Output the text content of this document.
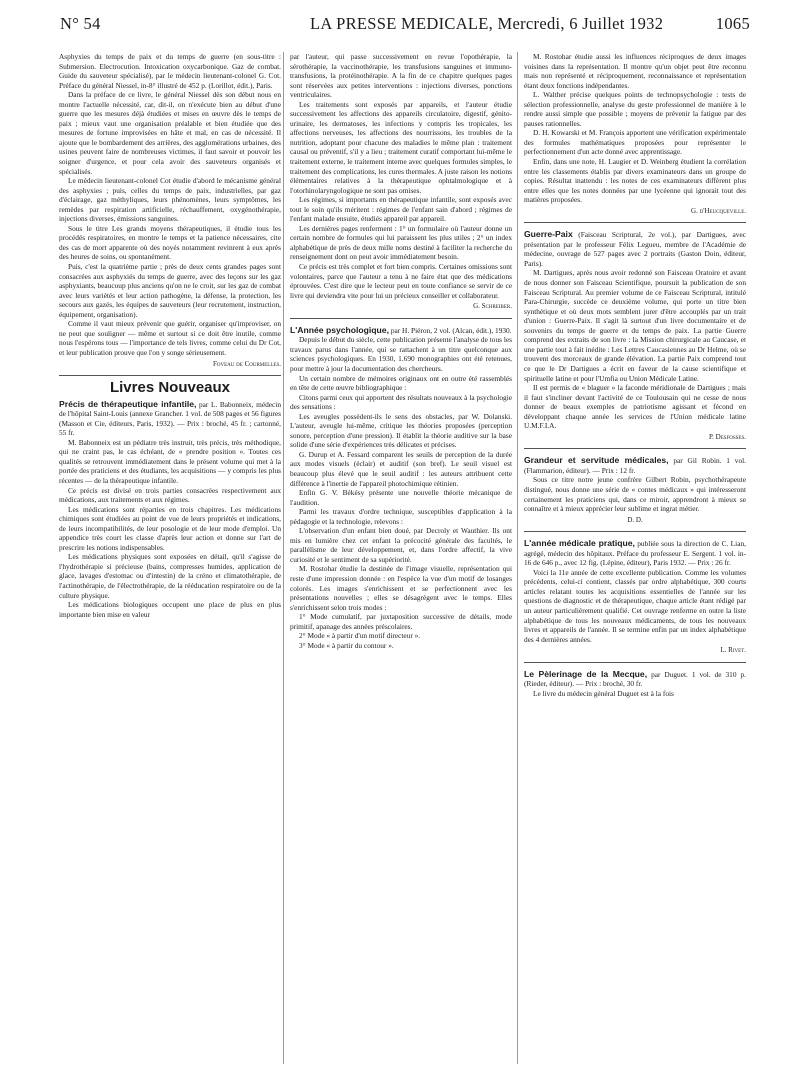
N° 54	LA PRESSE MEDICALE, Mercredi, 6 Juillet 1932	1065

Asphyxies du temps de paix et du temps de guerre (en sous-titre : Submersion. Electrocution. Intoxication oxycarbonique. Gaz de combat. Guide du sauveteur spécialisé), par le médecin lieutenant-colonel G. Cot. Préface du général Niessel, in-8° illustré de 452 p. (Lorillot, édit.), Paris.

Dans la préface de ce livre, le général Niessel dès son début nous en montre l'actuelle nécessité, car, dit-il, on n'exécute bien au début d'une guerre que les mesures déjà étudiées et mises en œuvre dès le temps de paix ; mieux vaut une organisation préalable et bien étudiée que des mesures de fortune improvisées en hâte et mal, en cas de nécessité. Il ajoute que le bombardement des arrières, des agglomérations urbaines, des usines peuvent faire de nombreuses victimes, il faut savoir et pouvoir les soigner d'urgence, et pour cela avoir des sauveteurs organisés et spécialisés.

Le médecin lieutenant-colonel Cot étudie d'abord le mécanisme général des asphyxies ; puis, celles du temps de paix, industrielles, par gaz d'éclairage, gaz méthyliques, leurs phénomènes, leurs symptômes, les remèdes par respiration artificielle, réchauffement, oxygénothérapie, injections diverses, émissions sanguines.

Sous le titre Les grands moyens thérapeutiques, il étudie tous les procédés respiratoires, en montre le temps et la patience nécessaires, cite des cas de mort apparente où des noyés notamment revinrent à eux après des heures de soins, ou spontanément.

Puis, c'est la quatrième partie ; près de deux cents grandes pages sont consacrées aux asphyxiés du temps de guerre, avec des leçons sur les gaz asphyxiants, beaucoup plus anciens qu'on ne le croit, sur les gaz de combat avec leurs variétés et leur action pathogène, la défense, la protection, les secours aux gazés, les équipes de sauveteurs (leur recrutement, instruction, équipement, organisation).

Comme il vaut mieux prévenir que guérir, organiser qu'improviser, on ne peut que souligner — même et surtout si ce doit être inutile, comme nous l'espérons tous — l'importance de tels livres, comme celui du Dr Cot, et leur publication prouve que l'on y songe sérieusement.

Foveau de Courmelles.

Livres Nouveaux

Précis de thérapeutique infantile, par L. Babonneix, médecin de l'hôpital Saint-Louis (annexe Grancher. 1 vol. de 508 pages et 56 figures (Masson et Cie, éditeurs, Paris, 1932). — Prix : broché, 45 fr. ; cartonné, 55 fr.

M. Babonneix est un pédiatre très instruit, très précis, très méthodique, qui ne craint pas, le cas échéant, de « prendre position ». Toutes ces qualités se retrouvent immédiatement dans le présent volume qui met à la portée des praticiens et des étudiants, les acquisitions — y compris les plus récentes — de la thérapeutique infantile.

Ce précis est divisé en trois parties consacrées respectivement aux médications, aux traitements et aux régimes.

Les médications sont réparties en trois chapitres. Les médications chimiques sont étudiées au point de vue de leurs propriétés et indications, de leurs incompatibilités, de leur posologie et de leur mode d'emploi. Un appendice très court les classe d'après leur action et donne sur l'art de prescrire les notions indispensables.

Les médications physiques sont exposées en détail, qu'il s'agisse de l'hydrothérapie si précieuse (bains, compresses humides, application de glace, lavages d'estomac ou d'intestin) de la créno et climatothérapie, de l'actinothérapie, de l'électrothérapie, de la rééducation respiratoire ou de la culture physique.

Les médications biologiques occupent une place de plus en plus importante bien mise en valeur

par l'auteur, qui passe successivement en revue l'opothérapie, la sérothérapie, la vaccinothérapie, les transfusions sanguines et immuno-transfusions, la protéinothérapie. A la fin de ce chapitre quelques pages sont réservées aux petites interventions : injections diverses, ponctions ventriculaires.

Les traitements sont exposés par appareils, et l'auteur étudie successivement les affections des appareils circulatoire, digestif, génito-urinaire, les dermatoses, les infections y compris les tropicales, les affections nerveuses, les affections des nourrissons, les troubles de la nutrition, adoptant pour chacune des maladies le même plan : traitement causal ou préventif, s'il y a lieu ; traitement curatif comportant lui-même le traitement externe, le traitement interne avec quelques formules simples, le traitement des complications, les cures thermales. A juste raison les notions élémentaires relatives à la thérapeutique ophtalmologique et à l'otorhinolaryngologique ne sont pas omises.

Les régimes, si importants en thérapeutique infantile, sont exposés avec tout le soin qu'ils méritent : régimes de l'enfant sain d'abord ; régimes de l'enfant malade ensuite, étudiés appareil par appareil.

Les dernières pages renferment : 1° un formulaire où l'auteur donne un certain nombre de formules qui lui paraissent les plus utiles ; 2° un index alphabétique de près de deux mille noms destiné à faciliter la recherche du renseignement dont on peut avoir immédiatement besoin.

Ce précis est très complet et fort bien compris. Certaines omissions sont volontaires, parce que l'auteur a tenu à ne faire état que des médications éprouvées. C'est dire que le lecteur peut en toute confiance se servir de ce livre qui deviendra vite pour lui un précieux conseiller et collaborateur.

G. Schreiber.

L'Année psychologique, par H. Piéron, 2 vol. (Alcan, édit.), 1930.

Depuis le début du siècle, cette publication présente l'analyse de tous les travaux parus dans l'année, qui se rattachent à un titre quelconque aux sciences psychologiques. En 1930, 1.690 monographies ont été retenues, pour mettre à jour la documentation des chercheurs.

Un certain nombre de mémoires originaux ont en outre été rassemblés en tête de cette œuvre bibliographique :

Citons parmi ceux qui apportent des résultats nouveaux à la psychologie des sensations :

Les aveugles possèdent-ils le sens des obstacles, par W. Dolanski. L'auteur, aveugle lui-même, critique les théories proposées (perception sonore, perception d'une pression). Il établit la théorie auditive sur la base solide d'une série d'expériences très délicates et précises.

G. Durup et A. Fessard comparent les seuils de perception de la durée aux modes visuels (éclair) et auditif (son bref). Le seuil visuel est beaucoup plus élevé que le seuil auditif : les auteurs attribuent cette différence à l'inertie de l'appareil photochimique rétinien.

Enfin G. V. Békésy présente une nouvelle théorie mécanique de l'audition.

Parmi les travaux d'ordre technique, susceptibles d'application à la pédagogie et la technologie, relevons :

L'observation d'un enfant bien doué, par Decroly et Wauthier. Ils ont mis en lumière chez cet enfant la précocité générale des facultés, le parallélisme de leur développement, et, dans l'ordre affectif, la vive curiosité et le sentiment de sa supériorité.

M. Rostohar étudie la destinée de l'image visuelle, représentation qui reste d'une impression donnée : en l'espèce la vue d'un motif de losanges colorés. Les images s'enrichissent et se perfectionnent avec les présentations nouvelles ; elles se désagrègent avec le temps. Elles s'enrichissent selon trois modes :

1° Mode cumulatif, par juxtaposition successive de détails, mode primitif, apanage des années préscolaires.

2° Mode « à partir d'un motif directeur ».

3° Mode « à partir du contour ».

M. Rostohar étudie aussi les influences réciproques de deux images voisines dans la représentation. Il montre qu'un objet peut être reconnu mais non représenté et réciproquement, reconnaissance et représentation étant deux fonctions indépendantes.

L. Walther précise quelques points de technopsychologie : tests de sélection professionnelle, analyse du geste professionnel de manière à le rendre aussi simple que possible ; moyens de prévenir la fatigue par des pauses rationnelles.

D. H. Kowarski et M. François apportent une vérification expérimentale des formules mathématiques proposées pour représenter le perfectionnement d'un acte donné avec apprentissage.

Enfin, dans une note, H. Laugier et D. Weinberg étudient la corrélation entre les classements établis par divers examinateurs dans un groupe de copies. Résultat inattendu : les notes de ces examinateurs diffèrent plus entre elles que les notes données par une lycéenne qui ignorait tout des matières proposées.

G. d'Heucqueville.

Guerre-Paix (Faisceau Scriptural, 2e vol.), par Dartigues, avec présentation par le professeur Félix Legueu, membre de l'Académie de médecine, ouvrage de 527 pages avec 2 portraits (Gaston Doin, éditeur, Paris).

M. Dartigues, après nous avoir redonné son Faisceau Oratoire et avant de nous donner son Faisceau Scientifique, poursuit la publication de son Faisceau Scriptural. Au premier volume de ce Faisceau Scriptural, intitulé Para-Chirurgie, succède ce deuxième volume, qui porte un titre bien synthétique et où deux mots semblent jurer d'être accouplés par un trait d'union : Guerre-Paix. Il s'agit là surtout d'un livre documentaire et de souvenirs du temps de guerre et du temps de paix. La partie Guerre comprend des extraits de son livre : la Mission chirurgicale au Caucase, et une partie tout à fait inédite : Les Lettres Caucasiennes au Dr Helme, où se trouvent des morceaux de grande élévation. La partie Paix comprend tout ce que le Dr Dartigues a écrit en faveur de la cause scientifique et spirituelle latine et pour l'Umfia ou Union Médicale Latine.

Il est permis de « blaguer » la faconde méridionale de Dartigues ; mais il faut s'incliner devant l'activité de ce Toulousain qui ne cesse de nous donner de beaux exemples de patriotisme agissant et fécond en développant chaque année les services de l'Union médicale latine U.M.F.I.A.

P. Desfosses.

Grandeur et servitude médicales, par Gil Robin. 1 vol. (Flammarion, éditeur). — Prix : 12 fr.

Sous ce titre notre jeune confrère Gilbert Robin, psychothérapeute distingué, nous donne une série de « contes médicaux » qui intéresseront certainement les praticiens qui, dans ce miroir, apprendront à mieux se connaître et à mieux apprécier leur sublime et ingrat métier.

D. D.

L'année médicale pratique, publiée sous la direction de C. Lian, agrégé, médecin des hôpitaux. Préface du professeur E. Sergent. 1 vol. in-16 de 646 p., avec 12 fig. (Lépine, éditeur), Paris 1932. — Prix : 26 fr.

Voici la 11e année de cette excellente publication. Comme les volumes précédents, celui-ci contient, classés par ordre alphabétique, 300 courts articles relatant toutes les acquisitions essentielles de l'année sur les questions de diagnostic et de thérapeutique, chaque article étant rédigé par un auteur particulièrement qualifié. Cet ouvrage renferme en outre la liste alphabétique de tous les nouveaux médicaments, de tous les nouveaux livres et appareils de l'année. Il se termine enfin par un index alphabétique des 4 dernières années.

L. Rivet.

Le Pèlerinage de la Mecque, par Duguet. 1 vol. de 310 p. (Rieder, éditeur). — Prix : broché, 30 fr.

Le livre du médecin général Duguet est à la fois
